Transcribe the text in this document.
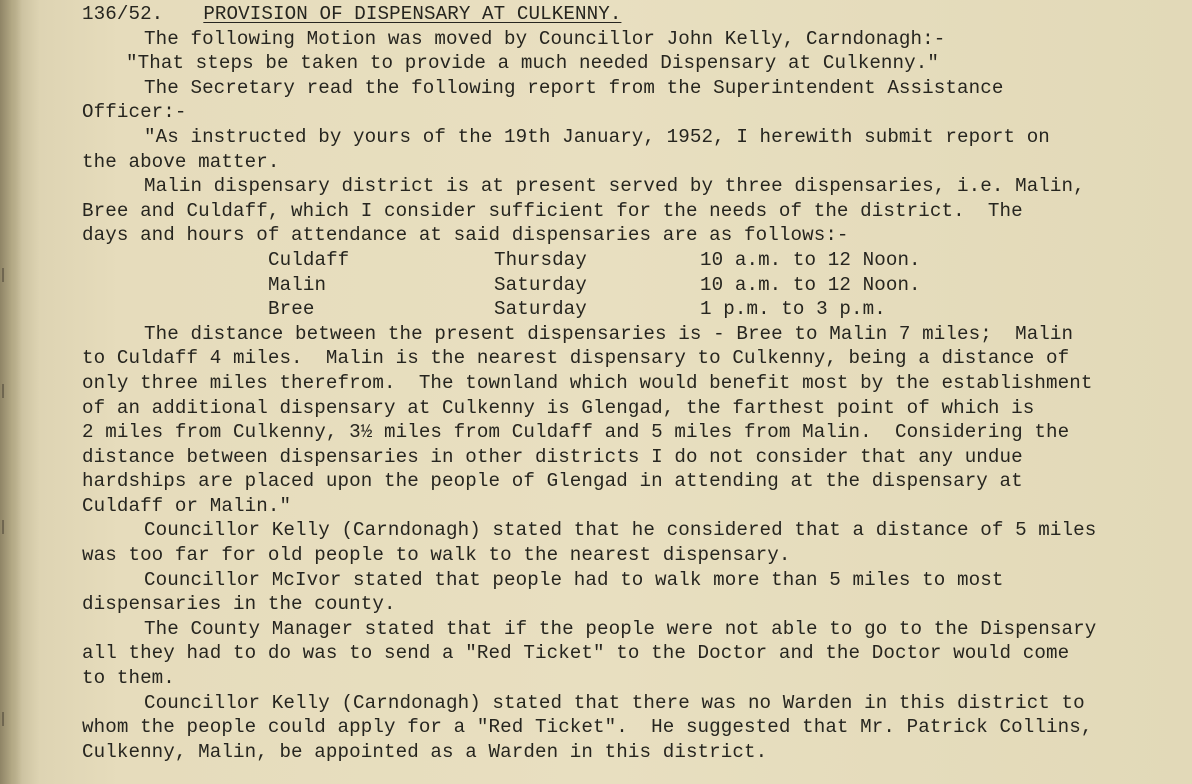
136/52. PROVISION OF DISPENSARY AT CULKENNY.
The following Motion was moved by Councillor John Kelly, Carndonagh:-
"That steps be taken to provide a much needed Dispensary at Culkenny."
The Secretary read the following report from the Superintendent Assistance
Officer:-
"As instructed by yours of the 19th January, 1952, I herewith submit report on
the above matter.
Malin dispensary district is at present served by three dispensaries, i.e. Malin,
Bree and Culdaff, which I consider sufficient for the needs of the district.  The
days and hours of attendance at said dispensaries are as follows:-
Culdaff	Thursday	10 a.m. to 12 Noon.
Malin	Saturday	10 a.m. to 12 Noon.
Bree	Saturday	1 p.m. to 3 p.m.
The distance between the present dispensaries is - Bree to Malin 7 miles;  Malin
to Culdaff 4 miles.  Malin is the nearest dispensary to Culkenny, being a distance of
only three miles therefrom.  The townland which would benefit most by the establishment
of an additional dispensary at Culkenny is Glengad, the farthest point of which is
2 miles from Culkenny, 3½ miles from Culdaff and 5 miles from Malin.  Considering the
distance between dispensaries in other districts I do not consider that any undue
hardships are placed upon the people of Glengad in attending at the dispensary at
Culdaff or Malin."
Councillor Kelly (Carndonagh) stated that he considered that a distance of 5 miles
was too far for old people to walk to the nearest dispensary.
Councillor McIvor stated that people had to walk more than 5 miles to most
dispensaries in the county.
The County Manager stated that if the people were not able to go to the Dispensary
all they had to do was to send a "Red Ticket" to the Doctor and the Doctor would come
to them.
Councillor Kelly (Carndonagh) stated that there was no Warden in this district to
whom the people could apply for a "Red Ticket".  He suggested that Mr. Patrick Collins,
Culkenny, Malin, be appointed as a Warden in this district.
